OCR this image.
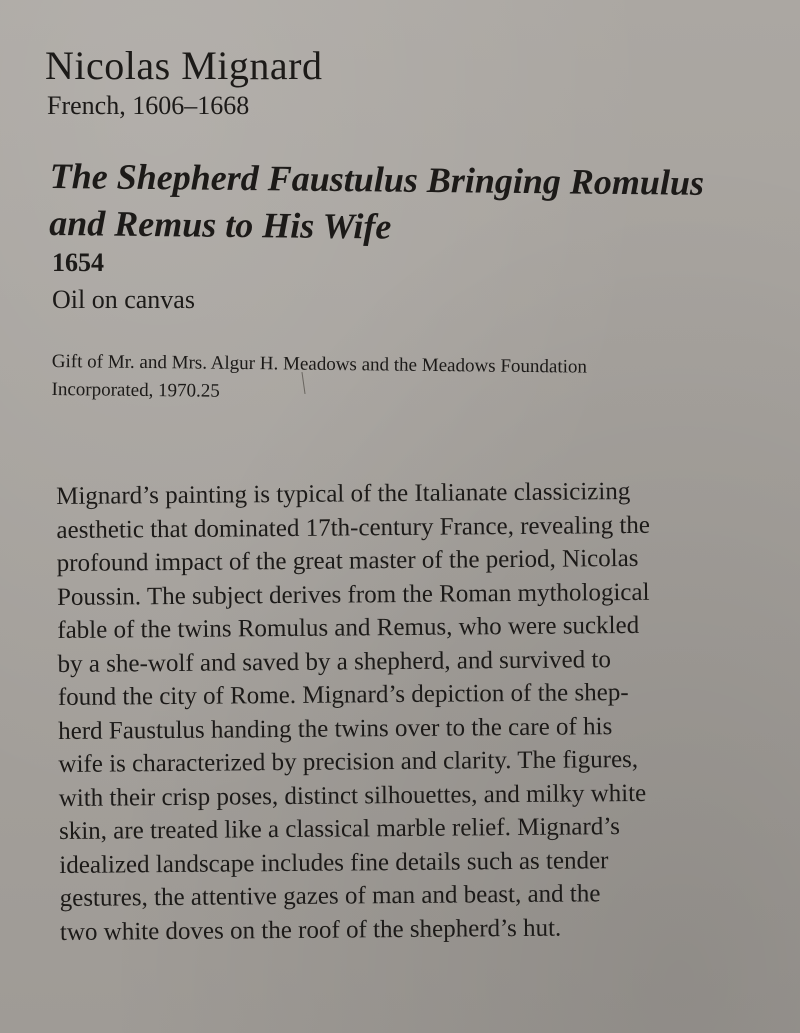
Nicolas Mignard
French, 1606–1668
The Shepherd Faustulus Bringing Romulus
and Remus to His Wife
1654
Oil on canvas
Gift of Mr. and Mrs. Algur H. Meadows and the Meadows Foundation
Incorporated, 1970.25
Mignard’s painting is typical of the Italianate classicizing
aesthetic that dominated 17th-century France, revealing the
profound impact of the great master of the period, Nicolas
Poussin. The subject derives from the Roman mythological
fable of the twins Romulus and Remus, who were suckled
by a she-wolf and saved by a shepherd, and survived to
found the city of Rome. Mignard’s depiction of the shep-
herd Faustulus handing the twins over to the care of his
wife is characterized by precision and clarity. The figures,
with their crisp poses, distinct silhouettes, and milky white
skin, are treated like a classical marble relief. Mignard’s
idealized landscape includes fine details such as tender
gestures, the attentive gazes of man and beast, and the
two white doves on the roof of the shepherd’s hut.
